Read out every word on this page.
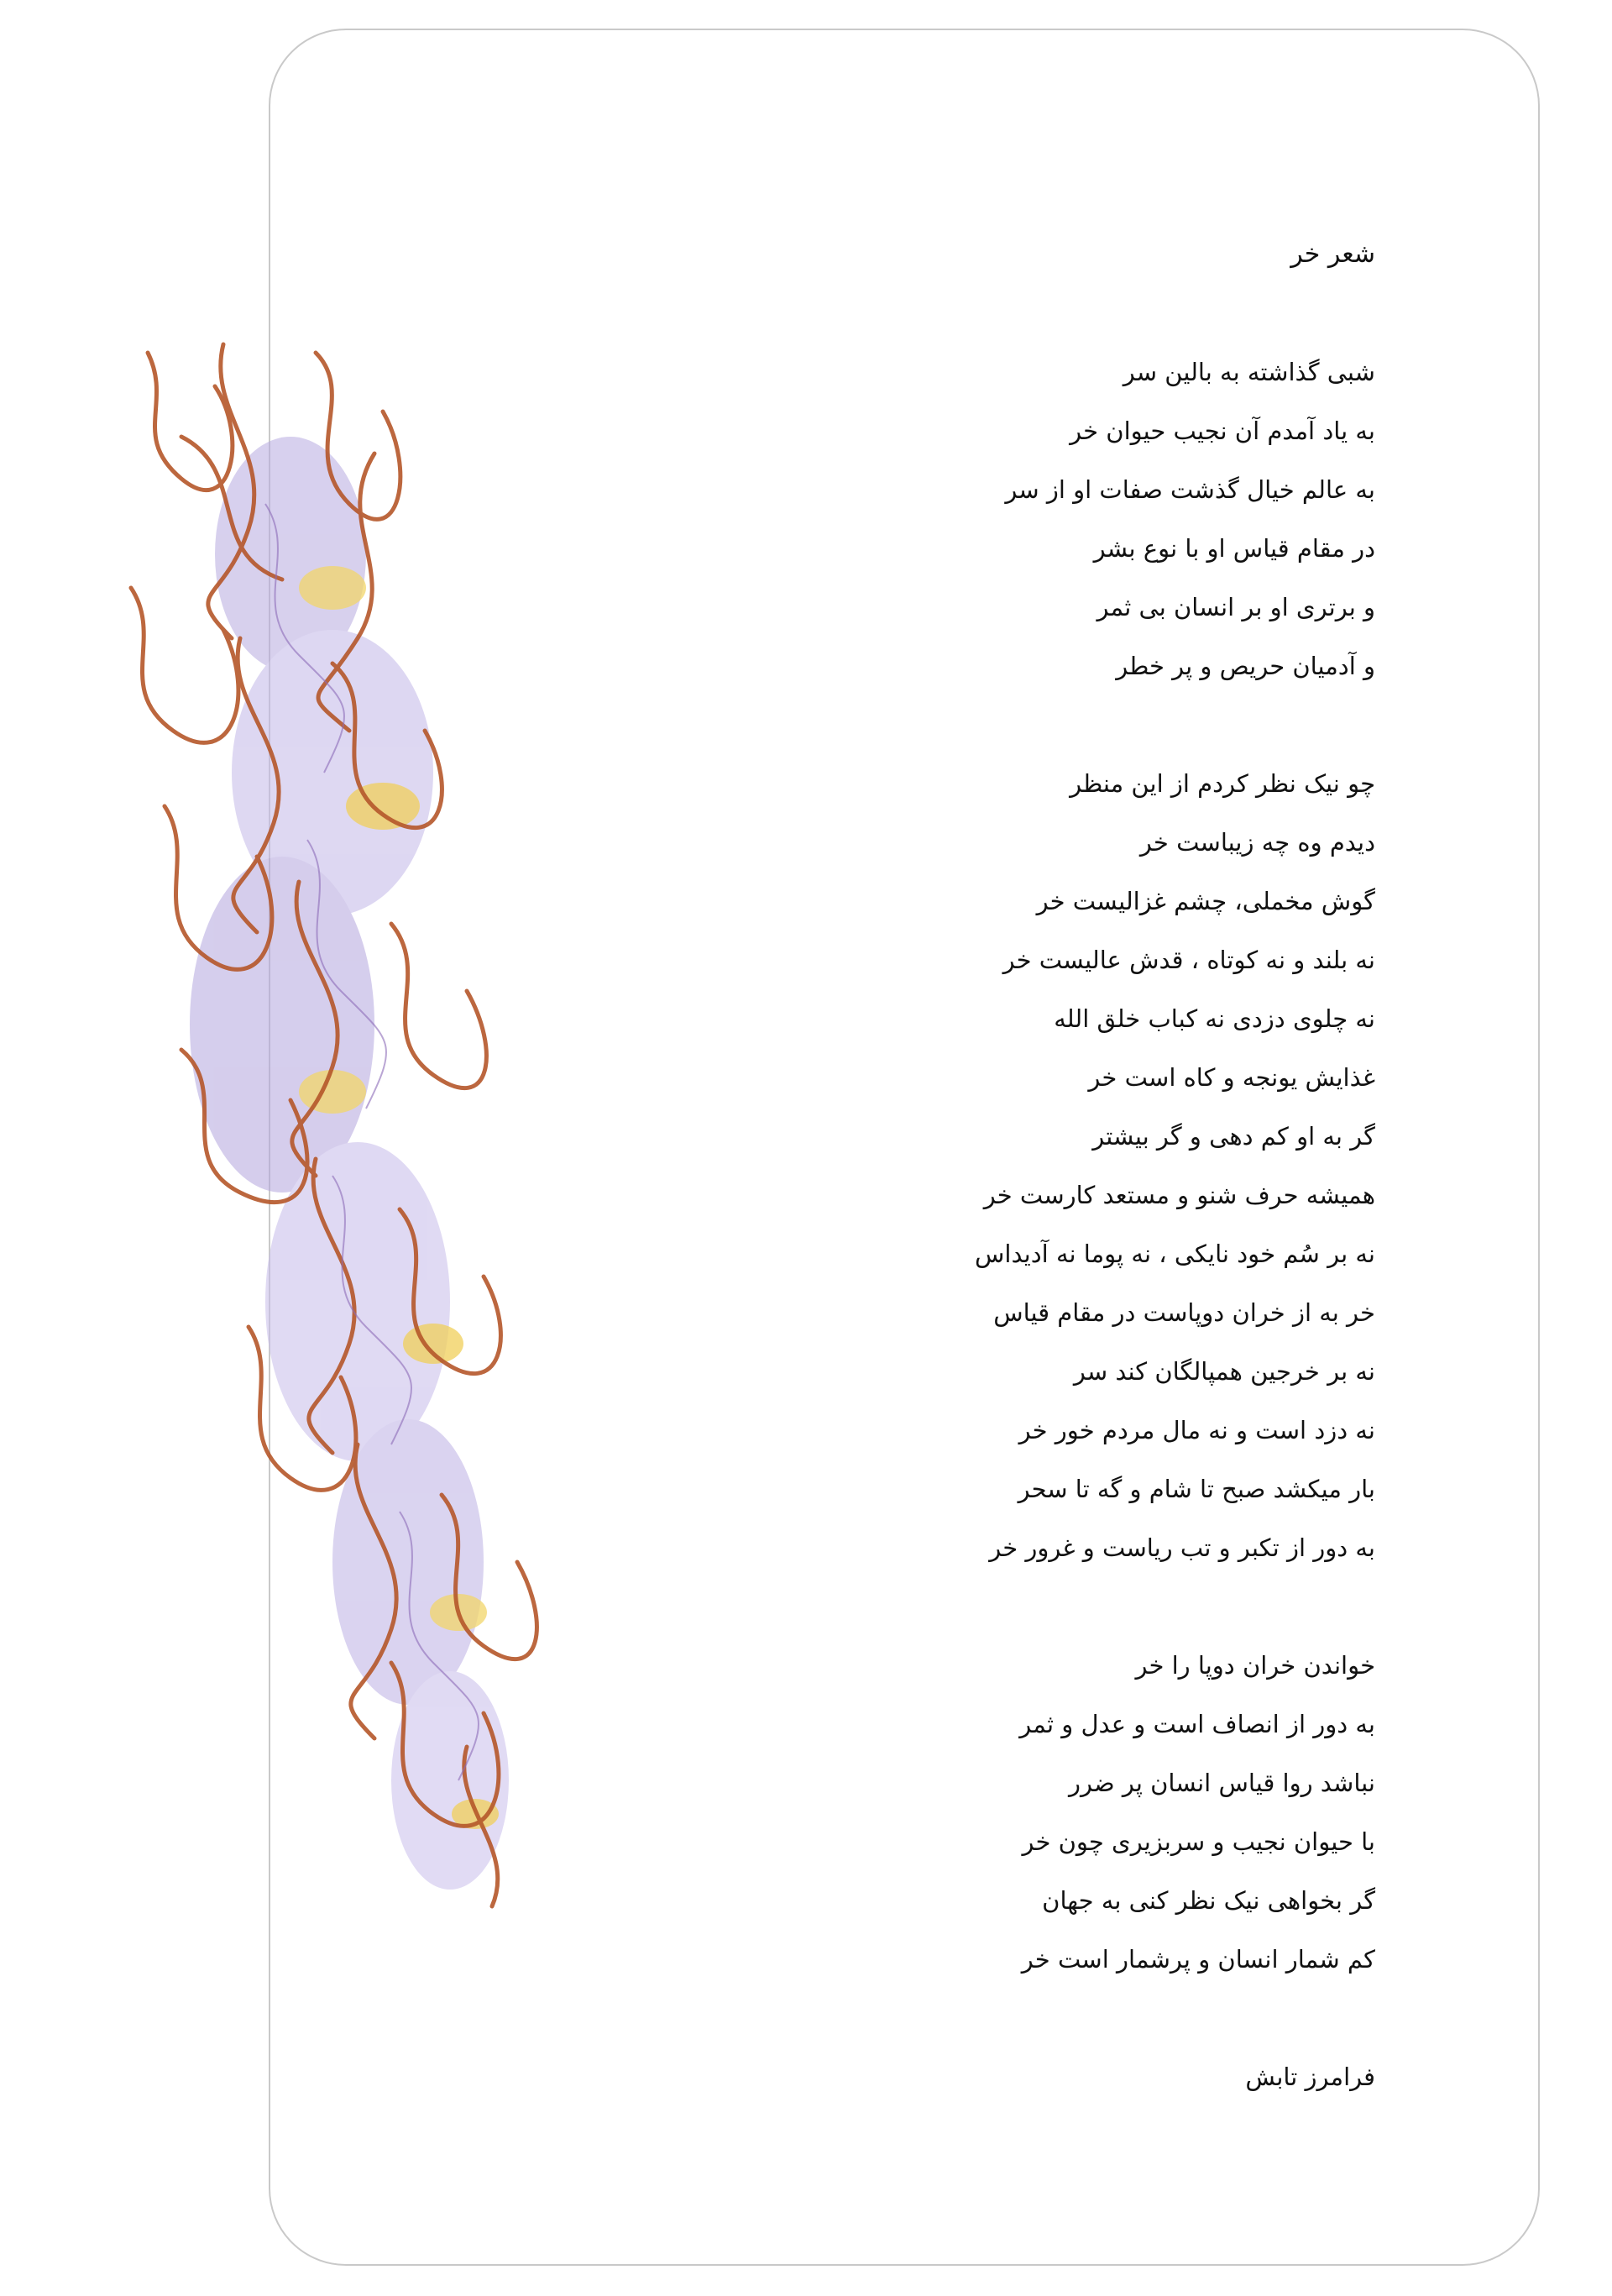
شعر خر
شبی گذاشته به بالین سر
به یاد آمدم آن نجیب حیوان خر
به عالم خیال گذشت صفات او از سر
در مقام قیاس او با نوع بشر
و برتری او بر انسان بی ثمر
و آدمیان حریص و پر خطر
چو نیک نظر کردم از این منظر
دیدم وه چه زیباست خر
گوش مخملی، چشم غزالیست خر
نه بلند و نه کوتاه ، قدش عالیست خر
نه چلوی دزدی نه کباب خلق الله
غذایش یونجه و کاه است خر
گر به او کم دهی و گر بیشتر
همیشه حرف شنو و مستعد کارست خر
نه بر سُم خود نایکی ، نه پوما نه آدیداس
خر به از خران دوپاست در مقام قیاس
نه بر خرجین همپالگان کند سر
نه دزد است و نه مال مردم خور خر
بار میکشد صبح تا شام و گه تا سحر
به دور از تکبر و تب ریاست و غرور خر
خواندن خران دوپا را خر
به دور از انصاف است و عدل و ثمر
نباشد روا قیاس انسان پر ضرر
با حیوان نجیب و سربزیری چون خر
گر بخواهی نیک نظر کنی به جهان
کم شمار انسان و پرشمار است خر
فرامرز تابش
